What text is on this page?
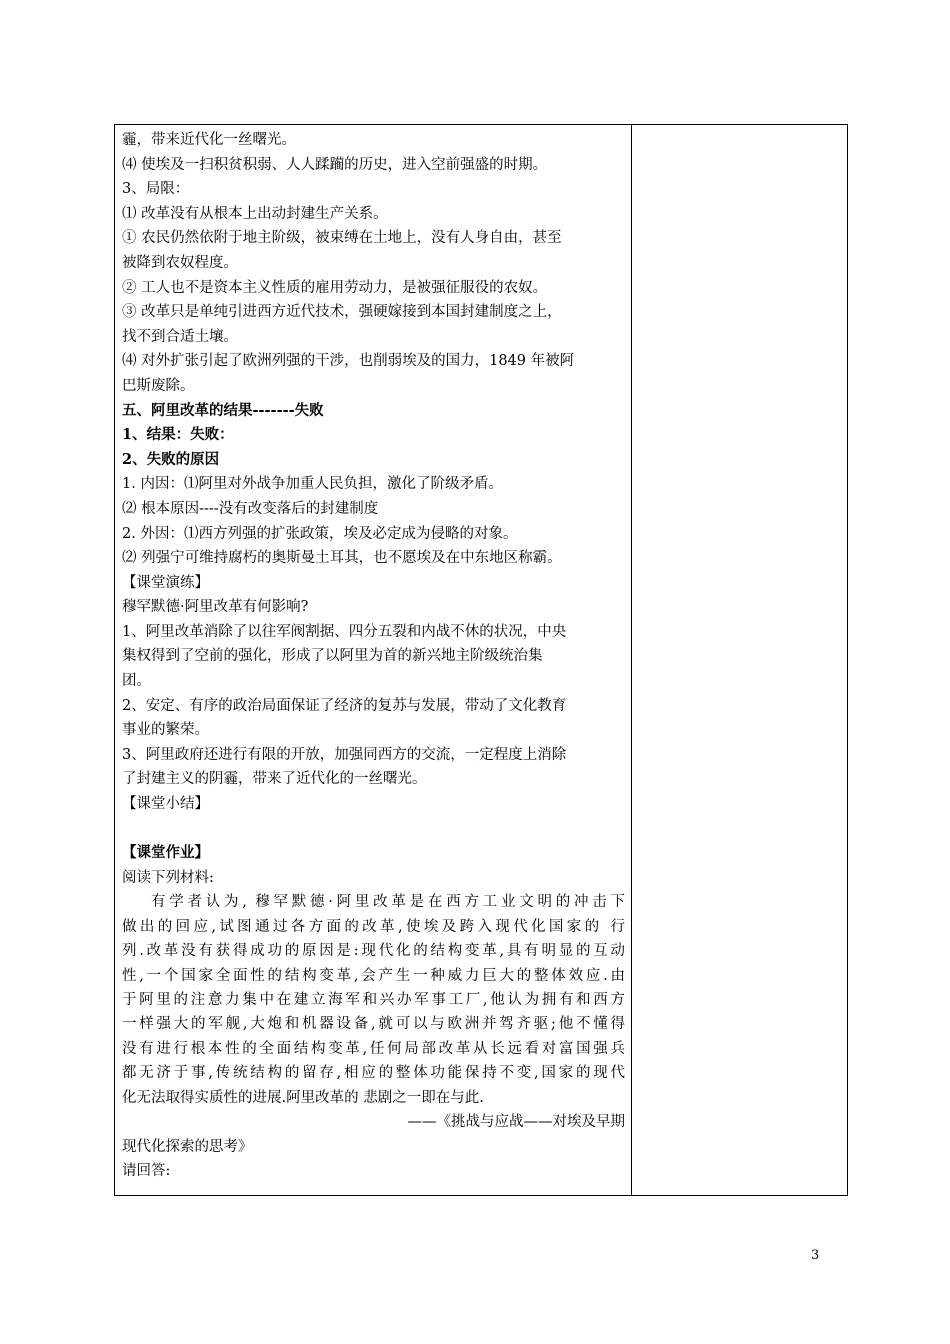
霾，带来近代化一丝曙光。
⑷ 使埃及一扫积贫积弱、人人蹂躏的历史，进入空前强盛的时期。
3、局限：
⑴ 改革没有从根本上出动封建生产关系。
① 农民仍然依附于地主阶级，被束缚在土地上，没有人身自由，甚至
被降到农奴程度。
② 工人也不是资本主义性质的雇用劳动力，是被强征服役的农奴。
③ 改革只是单纯引进西方近代技术，强硬嫁接到本国封建制度之上，
找不到合适土壤。
⑷ 对外扩张引起了欧洲列强的干涉，也削弱埃及的国力，1849 年被阿
巴斯废除。
五、阿里改革的结果-------失败
1、结果：失败：
2、失败的原因
1. 内因：⑴阿里对外战争加重人民负担，激化了阶级矛盾。
⑵ 根本原因----没有改变落后的封建制度
2. 外因：⑴西方列强的扩张政策，埃及必定成为侵略的对象。
⑵ 列强宁可维持腐朽的奥斯曼土耳其，也不愿埃及在中东地区称霸。
【课堂演练】
穆罕默德·阿里改革有何影响?
1、阿里改革消除了以往军阀割据、四分五裂和内战不休的状况，中央
集权得到了空前的强化，形成了以阿里为首的新兴地主阶级统治集
团。
2、安定、有序的政治局面保证了经济的复苏与发展，带动了文化教育
事业的繁荣。
3、阿里政府还进行有限的开放，加强同西方的交流，一定程度上消除
了封建主义的阴霾，带来了近代化的一丝曙光。
【课堂小结】
【课堂作业】
阅读下列材料:
有学者认为, 穆罕默德·阿里改革是在西方工业文明的冲击下
做出的回应,试图通过各方面的改革,使埃及跨入现代化国家的 行
列.改革没有获得成功的原因是:现代化的结构变革,具有明显的互动
性,一个国家全面性的结构变革,会产生一种威力巨大的整体效应.由
于阿里的注意力集中在建立海军和兴办军事工厂,他认为拥有和西方
一样强大的军舰,大炮和机器设备,就可以与欧洲并驾齐驱;他不懂得
没有进行根本性的全面结构变革,任何局部改革从长远看对富国强兵
都无济于事,传统结构的留存,相应的整体功能保持不变,国家的现代
化无法取得实质性的进展.阿里改革的 悲剧之一即在与此.
——《挑战与应战——对埃及早期
现代化探索的思考》
请回答:
3
